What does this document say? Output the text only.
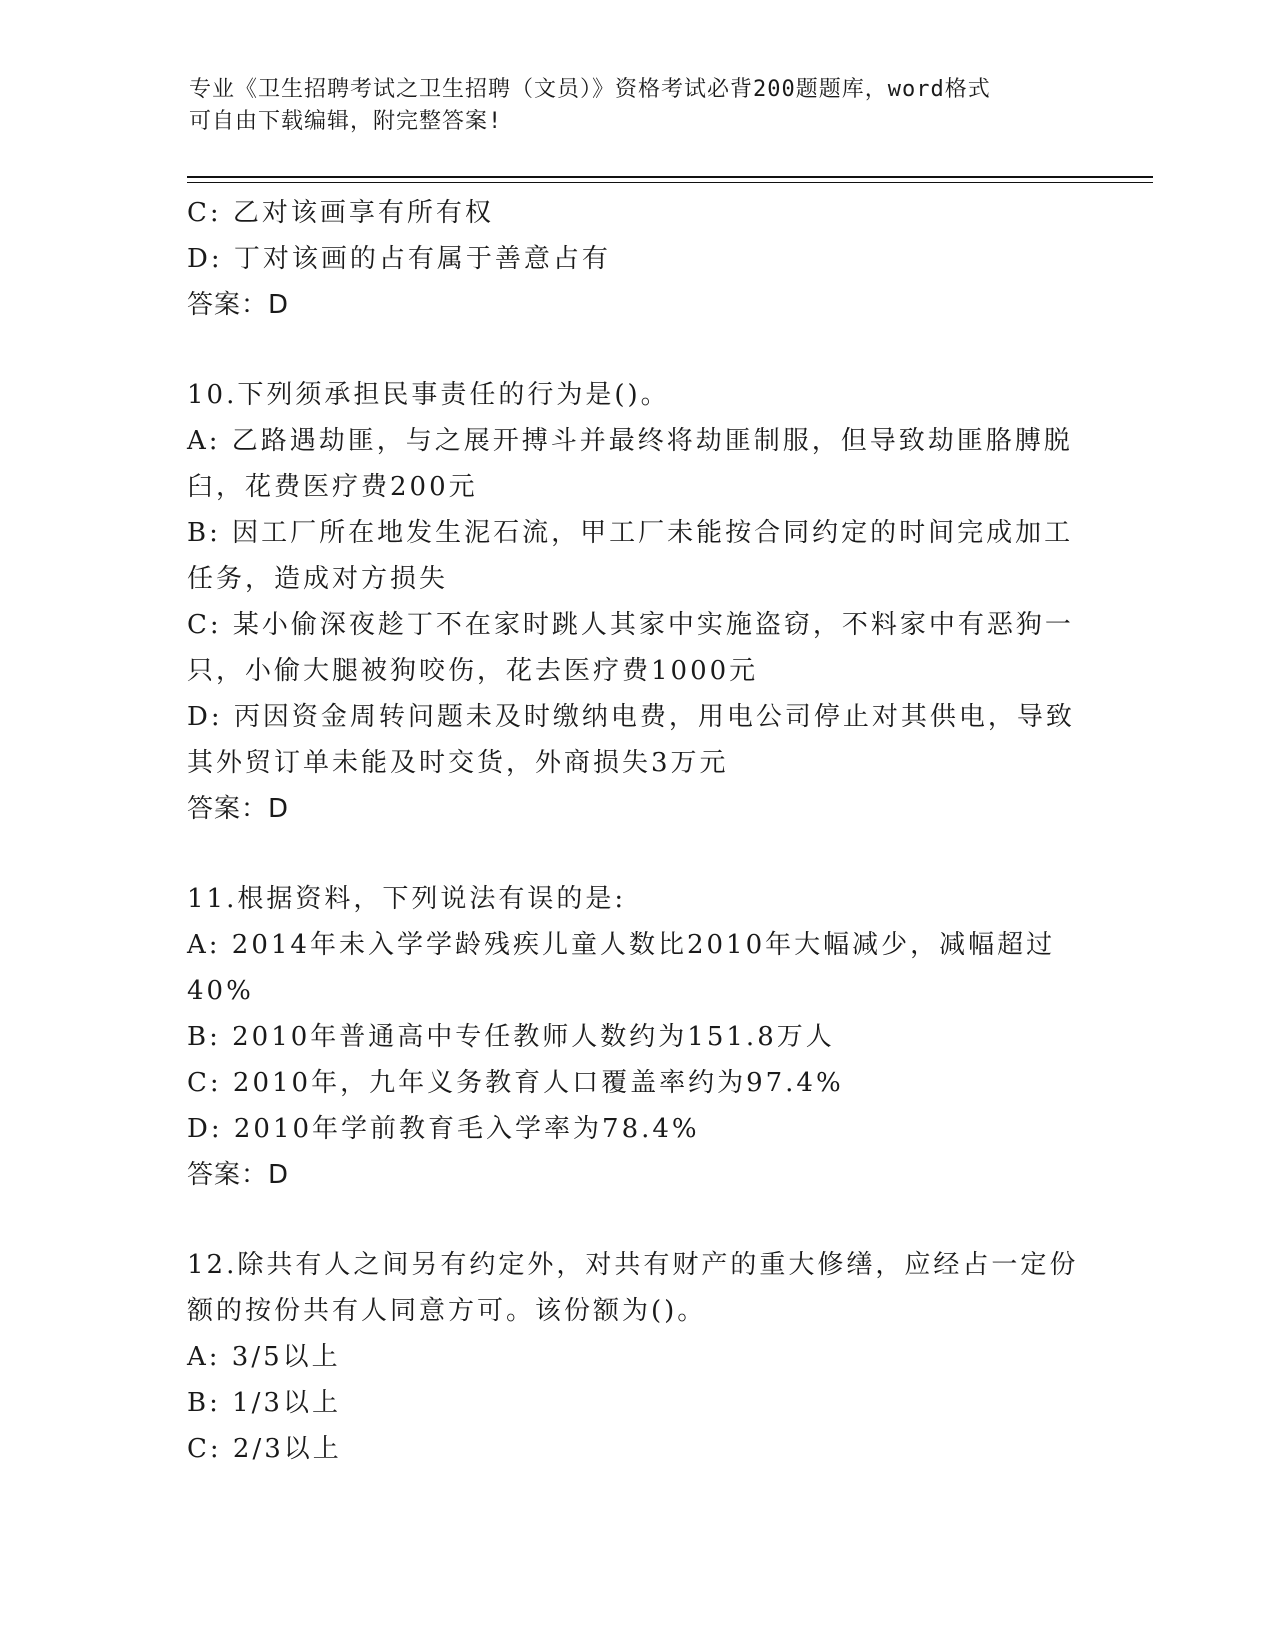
专业《卫生招聘考试之卫生招聘（文员）》资格考试必背200题题库，word格式
可自由下载编辑，附完整答案!
C: 乙对该画享有所有权
D: 丁对该画的占有属于善意占有
答案：D
10.下列须承担民事责任的行为是()。
A: 乙路遇劫匪，与之展开搏斗并最终将劫匪制服，但导致劫匪胳膊脱
臼，花费医疗费200元
B: 因工厂所在地发生泥石流，甲工厂未能按合同约定的时间完成加工
任务，造成对方损失
C: 某小偷深夜趁丁不在家时跳人其家中实施盗窃，不料家中有恶狗一
只，小偷大腿被狗咬伤，花去医疗费1000元
D: 丙因资金周转问题未及时缴纳电费，用电公司停止对其供电，导致
其外贸订单未能及时交货，外商损失3万元
答案：D
11.根据资料，下列说法有误的是:
A: 2014年未入学学龄残疾儿童人数比2010年大幅减少，减幅超过
40%
B: 2010年普通高中专任教师人数约为151.8万人
C: 2010年，九年义务教育人口覆盖率约为97.4%
D: 2010年学前教育毛入学率为78.4%
答案：D
12.除共有人之间另有约定外，对共有财产的重大修缮，应经占一定份
额的按份共有人同意方可。该份额为()。
A: 3/5以上
B: 1/3以上
C: 2/3以上
